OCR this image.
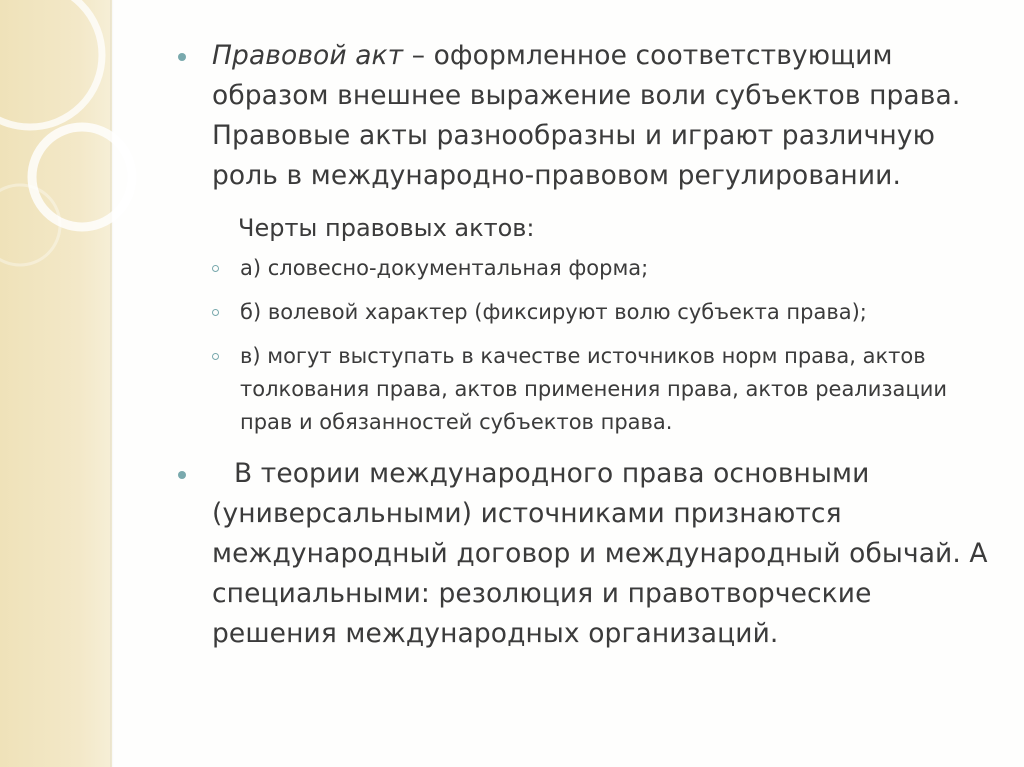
Правовой акт – оформленное соответствующим образом внешнее выражение воли субъектов права. Правовые акты разнообразны и играют различную роль в международно-правовом регулировании.
Черты правовых актов:
а) словесно-документальная форма;
б) волевой характер (фиксируют волю субъекта права);
в) могут выступать в качестве источников норм права, актов толкования права, актов применения права, актов реализации прав и обязанностей субъектов права.
В теории международного права основными (универсальными) источниками признаются международный договор и международный обычай. А специальными: резолюция и правотворческие решения международных организаций.
